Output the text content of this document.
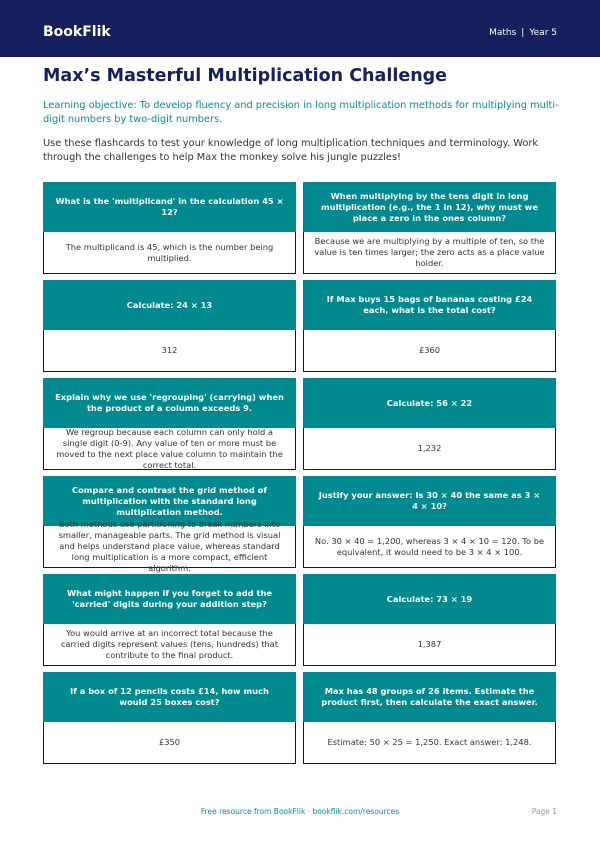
BookFlik	Maths | Year 5
Max’s Masterful Multiplication Challenge

Learning objective: To develop fluency and precision in long multiplication methods for multiplying multi-digit numbers by two-digit numbers.

Use these flashcards to test your knowledge of long multiplication techniques and terminology. Work through the challenges to help Max the monkey solve his jungle puzzles!

What is the 'multiplicand' in the calculation 45 × 12?
The multiplicand is 45, which is the number being multiplied.
When multiplying by the tens digit in long multiplication (e.g., the 1 in 12), why must we place a zero in the ones column?
Because we are multiplying by a multiple of ten, so the value is ten times larger; the zero acts as a place value holder.
Calculate: 24 × 13
312
If Max buys 15 bags of bananas costing £24 each, what is the total cost?
£360
Explain why we use 'regrouping' (carrying) when the product of a column exceeds 9.
We regroup because each column can only hold a single digit (0-9). Any value of ten or more must be moved to the next place value column to maintain the correct total.
Calculate: 56 × 22
1,232
Compare and contrast the grid method of multiplication with the standard long multiplication method.
smaller, manageable parts. The grid method is visual and helps understand place value, whereas standard long multiplication is a more compact, efficient algorithm.
Justify your answer: Is 30 × 40 the same as 3 × 4 × 10?
No. 30 × 40 = 1,200, whereas 3 × 4 × 10 = 120. To be equivalent, it would need to be 3 × 4 × 100.
What might happen if you forget to add the 'carried' digits during your addition step?
You would arrive at an incorrect total because the carried digits represent values (tens, hundreds) that contribute to the final product.
Calculate: 73 × 19
1,387
If a box of 12 pencils costs £14, how much would 25 boxes cost?
£350
Max has 48 groups of 26 items. Estimate the product first, then calculate the exact answer.
Estimate: 50 × 25 = 1,250. Exact answer: 1,248.
Free resource from BookFlik · bookflik.com/resources	Page 1
